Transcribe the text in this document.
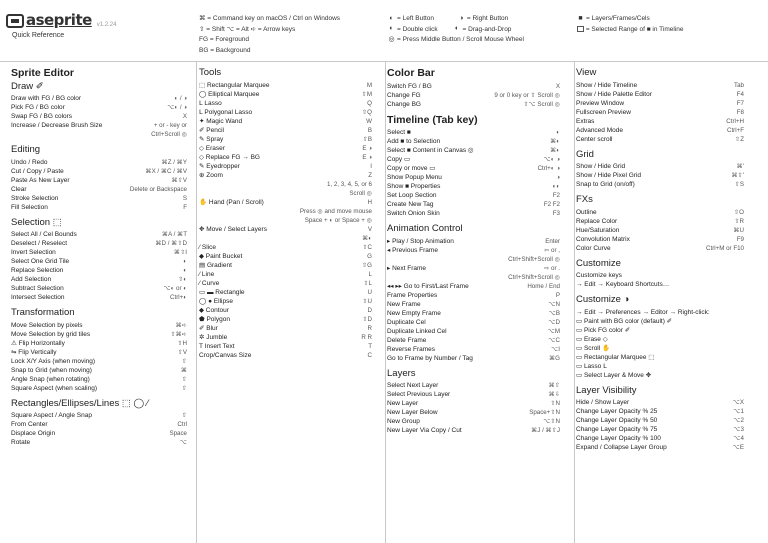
aseprite v1.2.24
Quick Reference
⌘ = Command key on macOS / Ctrl on Windows
⇧ = Shift ⌥ = Alt ➪ = Arrow keys
FG = Foreground
BG = Background
◐ = Left Button	◑ = Right Button
◐ = Double click ◐ = Drag-and-Drop
◎ = Press Middle Button / Scroll Mouse Wheel
■ = Layers/Frames/Cels
= Selected Range of ■ in Timeline
Sprite Editor
Draw ✐
Draw with FG / BG color	◐ / ◑
Pick FG / BG color	⌥◐ / ◑
Swap FG / BG colors	X
Increase / Decrease Brush Size	+ or - key or
Ctrl+Scroll ◎
Editing
Undo / Redo	⌘Z / ⌘Y
Cut / Copy / Paste	⌘X / ⌘C / ⌘V
Paste As New Layer	⌘⇧V
Clear	Delete or Backspace
Stroke Selection	S
Fill Selection	F
Selection ⬚
Select All / Cel Bounds	⌘A / ⌘T
Deselect / Reselect	⌘D / ⌘⇧D
Invert Selection	⌘⇧I
Select One Grid Tile	◐
Replace Selection	◐
Add Selection	⇧◐
Subtract Selection	⌥◐ or ◐
Intersect Selection	Ctrl+◐
Transformation
Move Selection by pixels	⌘➪
Move Selection by grid tiles	⇧⌘➪
⚠ Flip Horizontally	⇧H
⇋ Flip Vertically	⇧V
Lock X/Y Axis (when moving)	⇧
Snap to Grid (when moving)	⌘
Angle Snap (when rotating)	⇧
Square Aspect (when scaling)	⇧
Rectangles/Ellipses/Lines ⬚ ◯ ⁄
Square Aspect / Angle Snap	⇧
From Center	Ctrl
Displace Origin	Space
Rotate	⌥
Tools
⬚ Rectangular Marquee	M
◯ Elliptical Marquee	⇧M
ᒪ Lasso	Q
ᒪ Polygonal Lasso	⇧Q
✦ Magic Wand	W
✐ Pencil	B
✎ Spray	⇧B
◇ Eraser	E ◑
◇ Replace FG → BG	E ◑
✎ Eyedropper	I
⊕ Zoom	Z
1, 2, 3, 4, 5, or 6
Scroll ◎
✋ Hand (Pan / Scroll)	H
Press ◎ and move mouse
Space + ◐ or Space + ◎
✥ Move / Select Layers	V
⌘◐
⁄ Slice	⇧C
◆ Paint Bucket	G
▤ Gradient	⇧G
⁄ Line	L
⁄ Curve	⇧L
▭ ▬ Rectangle	U
◯ ● Ellipse	⇧U
◆ Contour	D
⬟ Polygon	⇧D
✐ Blur	R
✲ Jumble	R R
T Insert Text	T
Crop/Canvas Size	C
Color Bar
Switch FG / BG	X
Change FG	9 or 0 key or ⇧ Scroll ◎
Change BG	⇧⌥ Scroll ◎
Timeline (Tab key)
Select ■	◐
Add ■ to Selection	⌘◐
Select ■ Content in Canvas ◎	⌘◐
Copy ▭	⌥◐ ◑
Copy or move ▭	Ctrl+◐ ◑
Show Popup Menu	◑
Show ■ Properties	◐◐
Set Loop Section	F2
Create New Tag	F2 F2
Switch Onion Skin	F3
Animation Control
▸ Play / Stop Animation	Enter
◂ Previous Frame	⇦ or ,
Ctrl+Shift+Scroll ◎
▸ Next Frame	⇨ or .
Ctrl+Shift+Scroll ◎
◂◂ ▸▸ Go to First/Last Frame	Home / End
Frame Properties	P
New Frame	⌥N
New Empty Frame	⌥B
Duplicate Cel	⌥D
Duplicate Linked Cel	⌥M
Delete Frame	⌥C
Reverse Frames	⌥I
Go to Frame by Number / Tag	⌘G
Layers
Select Next Layer	⌘⇧
Select Previous Layer	⌘⇩
New Layer	⇧N
New Layer Below	Space+⇧N
New Group	⌥⇧N
New Layer Via Copy / Cut	⌘J / ⌘⇧J
View
Show / Hide Timeline	Tab
Show / Hide Palette Editor	F4
Preview Window	F7
Fullscreen Preview	F8
Extras	Ctrl+H
Advanced Mode	Ctrl+F
Center scroll	⇧Z
Grid
Show / Hide Grid	⌘'
Show / Hide Pixel Grid	⌘⇧'
Snap to Grid (on/off)	⇧S
FXs
Outline	⇧O
Replace Color	⇧R
Hue/Saturation	⌘U
Convolution Matrix	F9
Color Curve	Ctrl+M or F10
Customize
Customize keys
→ Edit → Keyboard Shortcuts…
Customize ◑
→ Edit → Preferences → Editor → Right-click:
▭ Paint with BG color (default) ✐
▭ Pick FG color ✐
▭ Erase ◇
▭ Scroll ✋
▭ Rectangular Marquee ⬚
▭ Lasso ᒪ
▭ Select Layer & Move ✥
Layer Visibility
Hide / Show Layer	⌥X
Change Layer Opacity % 25	⌥1
Change Layer Opacity % 50	⌥2
Change Layer Opacity % 75	⌥3
Change Layer Opacity % 100	⌥4
Expand / Collapse Layer Group	⌥E
